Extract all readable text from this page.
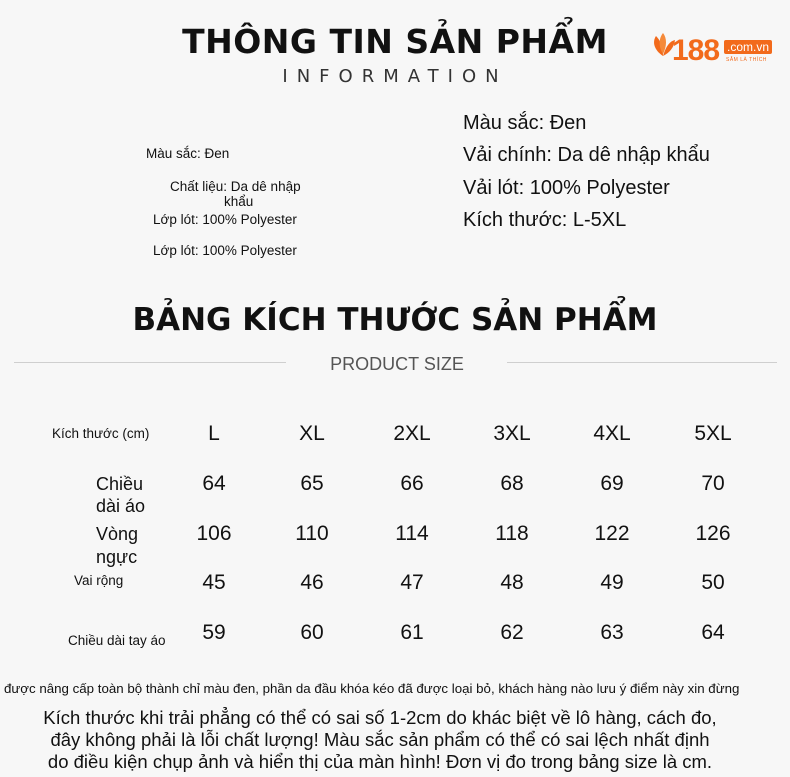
THÔNG TIN SẢN PHẨM
INFORMATION
188 .com.vn
SẮM LÀ THÍCH
Màu sắc: Đen
Chất liệu: Da dê nhập
khẩu
Lớp lót: 100% Polyester
Lớp lót: 100% Polyester
Màu sắc: Đen
Vải chính: Da dê nhập khẩu
Vải lót: 100% Polyester
Kích thước: L-5XL
BẢNG KÍCH THƯỚC SẢN PHẨM
PRODUCT SIZE
Kích thước (cm)	L	XL	2XL	3XL	4XL	5XL
Chiều
dài áo
64	65	66	68	69	70
Vòng
ngực
106	110	114	118	122	126
Vai rộng	45	46	47	48	49	50
Chiều dài tay áo	59	60	61	62	63	64
được nâng cấp toàn bộ thành chỉ màu đen, phần da đầu khóa kéo đã được loại bỏ, khách hàng nào lưu ý điểm này xin đừng
Kích thước khi trải phẳng có thể có sai số 1-2cm do khác biệt về lô hàng, cách đo,
đây không phải là lỗi chất lượng! Màu sắc sản phẩm có thể có sai lệch nhất định
do điều kiện chụp ảnh và hiển thị của màn hình! Đơn vị đo trong bảng size là cm.
